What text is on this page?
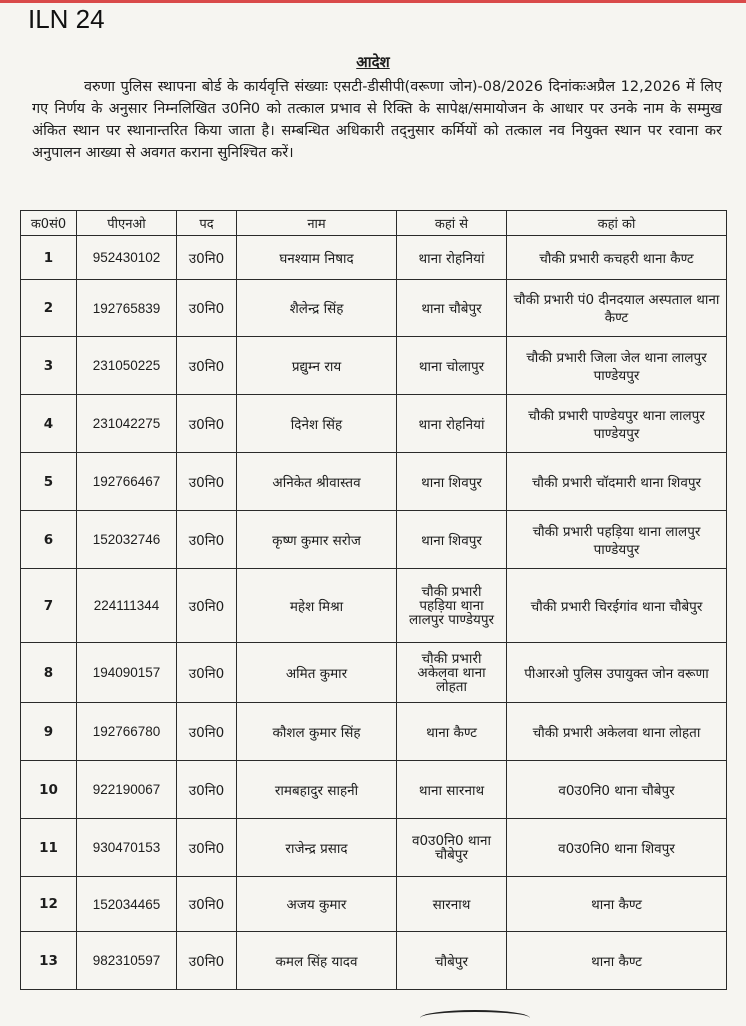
ILN 24
आदेश
वरुणा पुलिस स्थापना बोर्ड के कार्यवृत्ति संख्याः एसटी-डीसीपी(वरूणा जोन)-08/2026 दिनांकःअप्रैल 12,2026 में लिए गए निर्णय के अनुसार निम्नलिखित उ0नि0 को तत्काल प्रभाव से रिक्ति के सापेक्ष/समायोजन के आधार पर उनके नाम के सम्मुख अंकित स्थान पर स्थानान्तरित किया जाता है। सम्बन्धित अधिकारी तद्नुसार कर्मियों को तत्काल नव नियुक्त स्थान पर रवाना कर अनुपालन आख्या से अवगत कराना सुनिश्चित करें।
क0सं0	पीएनओ	पद	नाम	कहां से	कहां को
1	952430102	उ0नि0	घनश्याम निषाद	थाना रोहनियां	चौकी प्रभारी कचहरी थाना कैण्ट
2	192765839	उ0नि0	शैलेन्द्र सिंह	थाना चौबेपुर	चौकी प्रभारी पं0 दीनदयाल अस्पताल थाना कैण्ट
3	231050225	उ0नि0	प्रद्युम्न राय	थाना चोलापुर	चौकी प्रभारी जिला जेल थाना लालपुर पाण्डेयपुर
4	231042275	उ0नि0	दिनेश सिंह	थाना रोहनियां	चौकी प्रभारी पाण्डेयपुर थाना लालपुर पाण्डेयपुर
5	192766467	उ0नि0	अनिकेत श्रीवास्तव	थाना शिवपुर	चौकी प्रभारी चॉदमारी थाना शिवपुर
6	152032746	उ0नि0	कृष्ण कुमार सरोज	थाना शिवपुर	चौकी प्रभारी पहड़िया थाना लालपुर पाण्डेयपुर
7	224111344	उ0नि0	महेश मिश्रा	चौकी प्रभारी पहड़िया थाना लालपुर पाण्डेयपुर	चौकी प्रभारी चिरईगांव थाना चौबेपुर
8	194090157	उ0नि0	अमित कुमार	चौकी प्रभारी अकेलवा थाना लोहता	पीआरओ पुलिस उपायुक्त जोन वरूणा
9	192766780	उ0नि0	कौशल कुमार सिंह	थाना कैण्ट	चौकी प्रभारी अकेलवा थाना लोहता
10	922190067	उ0नि0	रामबहादुर साहनी	थाना सारनाथ	व0उ0नि0 थाना चौबेपुर
11	930470153	उ0नि0	राजेन्द्र प्रसाद	व0उ0नि0 थाना चौबेपुर	व0उ0नि0 थाना शिवपुर
12	152034465	उ0नि0	अजय कुमार	सारनाथ	थाना कैण्ट
13	982310597	उ0नि0	कमल सिंह यादव	चौबेपुर	थाना कैण्ट
